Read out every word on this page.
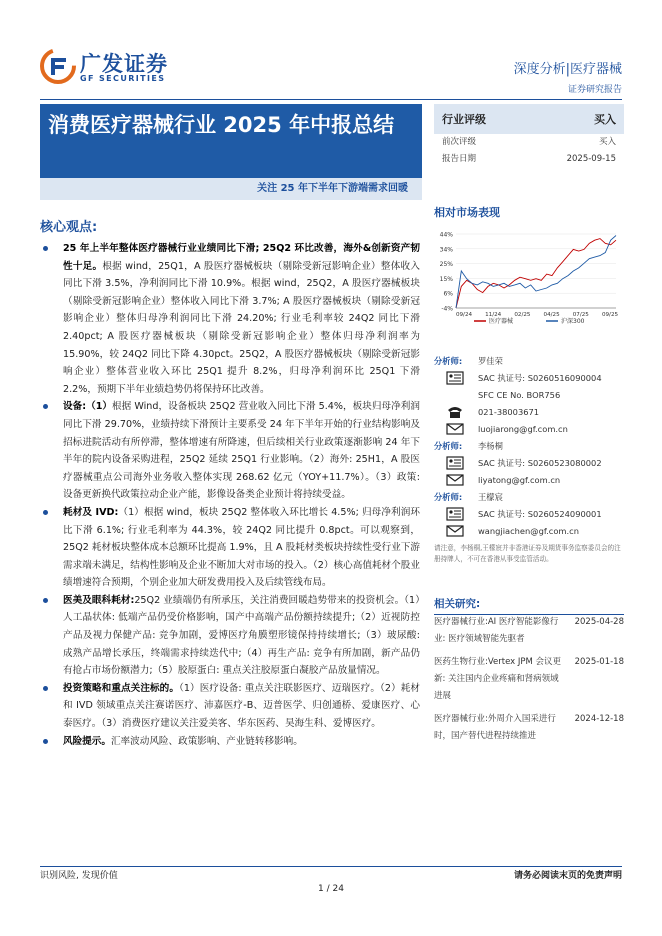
广发证券
GF SECURITIES
深度分析|医疗器械
证券研究报告
消费医疗器械行业 2025 年中报总结
关注 25 年下半年下游端需求回暖
核心观点:
25 年上半年整体医疗器械行业业绩同比下滑; 25Q2 环比改善，海外&创新资产韧性十足。根据 wind，25Q1，A 股医疗器械板块（剔除受新冠影响企业）整体收入同比下滑 3.5%，净利润同比下滑 10.9%。根据 wind，25Q2，A 股医疗器械板块（剔除受新冠影响企业）整体收入同比下滑 3.7%; A 股医疗器械板块（剔除受新冠影响企业）整体归母净利润同比下滑 24.20%; 行业毛利率较 24Q2 同比下滑 2.40pct; A 股医疗器械板块（剔除受新冠影响企业）整体归母净利润率为 15.90%，较 24Q2 同比下降 4.30pct。25Q2，A 股医疗器械板块（剔除受新冠影响企业）整体营业收入环比 25Q1 提升 8.2%，归母净利润环比 25Q1 下滑 2.2%，预期下半年业绩趋势仍将保持环比改善。
设备:（1）根据 Wind，设备板块 25Q2 营业收入同比下滑 5.4%，板块归母净利润同比下滑 29.70%，业绩持续下滑预计主要系受 24 年下半年开始的行业结构影响及招标进院活动有所停滞，整体增速有所降速，但后续相关行业政策逐渐影响 24 年下半年的院内设备采购进程，25Q2 延续 25Q1 行业影响。（2）海外: 25H1，A 股医疗器械重点公司海外业务收入整体实现 268.62 亿元（YOY+11.7%）。（3）政策: 设备更新换代政策拉动企业产能，影像设备类企业预计将持续受益。
耗材及 IVD:（1）根据 wind，板块 25Q2 整体收入环比增长 4.5%; 归母净利润环比下滑 6.1%; 行业毛利率为 44.3%，较 24Q2 同比提升 0.8pct。可以观察到，25Q2 耗材板块整体成本总额环比提高 1.9%，且 A 股耗材类板块持续性受行业下游需求端未满足，结构性影响及企业不断加大对市场的投入。（2）核心高值耗材个股业绩增速符合预期，个别企业加大研发费用投入及后续管线布局。
医美及眼科耗材:25Q2 业绩端仍有所承压，关注消费回暖趋势带来的投资机会。（1）人工晶状体: 低端产品仍受价格影响，国产中高端产品份额持续提升;（2）近视防控产品及视力保健产品: 竞争加剧，爱博医疗角膜塑形镜保持持续增长;（3）玻尿酸: 成熟产品增长承压，终端需求持续迭代中;（4）再生产品: 竞争有所加剧，新产品仍有抢占市场份额潜力;（5）胶原蛋白: 重点关注胶原蛋白凝胶产品放量情况。
投资策略和重点关注标的。（1）医疗设备: 重点关注联影医疗、迈瑞医疗。（2）耗材和 IVD 领域重点关注赛诺医疗、沛嘉医疗-B、迈普医学、归创通桥、爱康医疗、心泰医疗。（3）消费医疗建议关注爱美客、华东医药、昊海生科、爱博医疗。
风险提示。汇率波动风险、政策影响、产业链转移影响。
行业评级	买入
前次评级	买入
报告日期	2025-09-15
相对市场表现
-4%
6%
15%
25%
34%
44%
09/24 11/24 02/25 04/25 07/25 09/25
医疗器械	沪深300
分析师:	罗佳荣
SAC 执证号: S0260516090004
SFC CE No. BOR756
021-38003671
luojiarong@gf.com.cn
分析师:	李杨桐
SAC 执证号: S0260523080002
liyatong@gf.com.cn
分析师:	王檬宸
SAC 执证号: S0260524090001
wangjiachen@gf.com.cn
请注意，李杨桐,王檬宸并非香港证券及期货事务监察委员会的注册持牌人，不可在香港从事受监管活动。
相关研究:
医疗器械行业:AI 医疗智能影像行业: 医疗领域智能先驱者
2025-04-28
医药生物行业:Vertex JPM 会议更新: 关注国内企业疼痛和肾病领域进展
2025-01-18
医疗器械行业:外周介入国采进行时，国产替代进程持续推进
2024-12-18
识别风险, 发现价值	请务必阅读末页的免责声明
1 / 24
